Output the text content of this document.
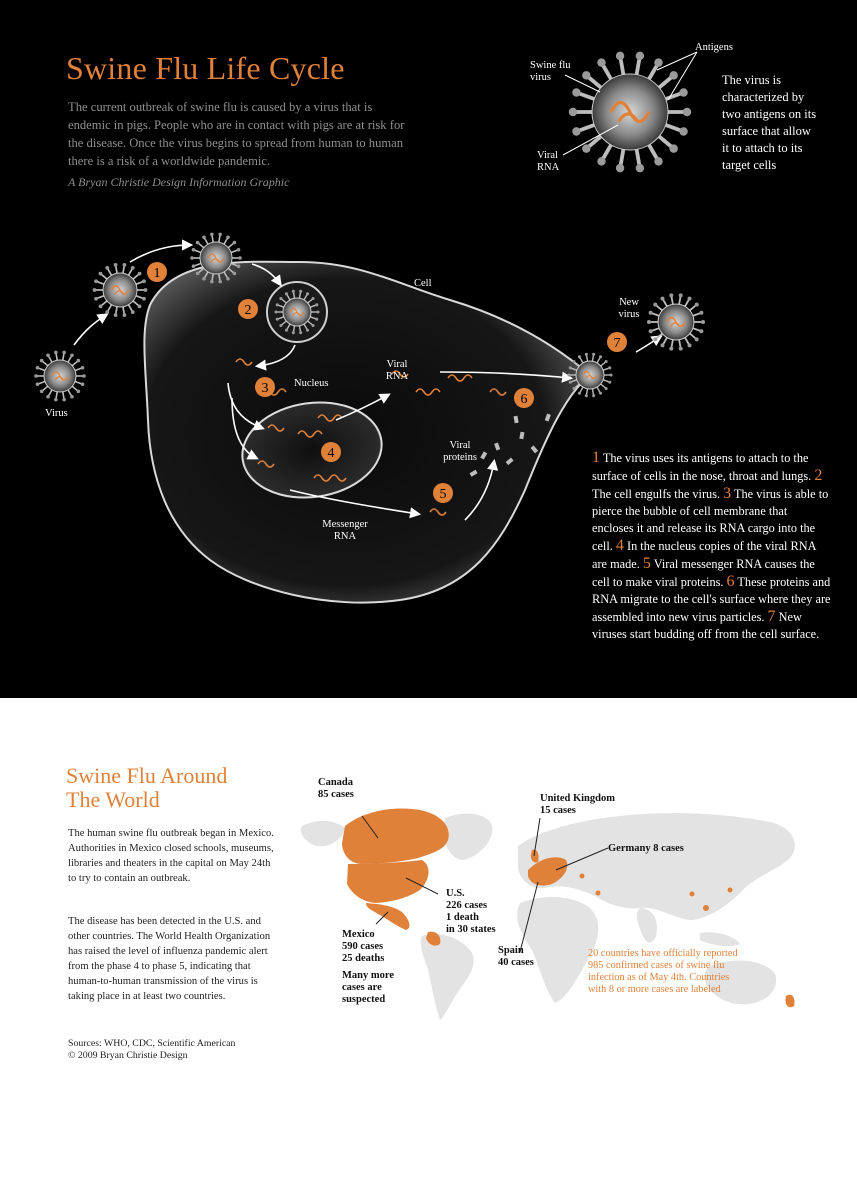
Swine Flu Life Cycle
The current outbreak of swine flu is caused by a virus that is endemic in pigs. People who are in contact with pigs are at risk for the disease. Once the virus begins to spread from human to human there is a risk of a worldwide pandemic.
A Bryan Christie Design Information Graphic
1
2
3
4
5
6
7
Swine flu virus
Antigens
Viral RNA
The virus is characterized by two antigens on its surface that allow it to attach to its target cells
Cell
New virus
Virus
Nucleus
Viral RNA
Viral proteins
Messenger RNA
1 The virus uses its antigens to attach to the surface of cells in the nose, throat and lungs. 2 The cell engulfs the virus. 3 The virus is able to pierce the bubble of cell membrane that encloses it and release its RNA cargo into the cell. 4 In the nucleus copies of the viral RNA are made. 5 Viral messenger RNA causes the cell to make viral proteins. 6 These proteins and RNA migrate to the cell's surface where they are assembled into new virus particles. 7 New viruses start budding off from the cell surface.
Swine Flu Around
The World
The human swine flu outbreak began in Mexico. Authorities in Mexico closed schools, museums, libraries and theaters in the capital on May 24th to try to contain an outbreak.
The disease has been detected in the U.S. and other countries. The World Health Organization has raised the level of influenza pandemic alert from the phase 4 to phase 5, indicating that human-to-human transmission of the virus is taking place in at least two countries.
Sources: WHO, CDC, Scientific American
© 2009 Bryan Christie Design
Canada
85 cases	United Kingdom
15 cases
Germany 8 cases
U.S.
226 cases
1 death
in 30 states
Mexico
590 cases
25 deaths
Many more
cases are
suspected
Spain
40 cases
20 countries have officially reported 985 confirmed cases of swine flu infection as of May 4th. Countries with 8 or more cases are labeled
